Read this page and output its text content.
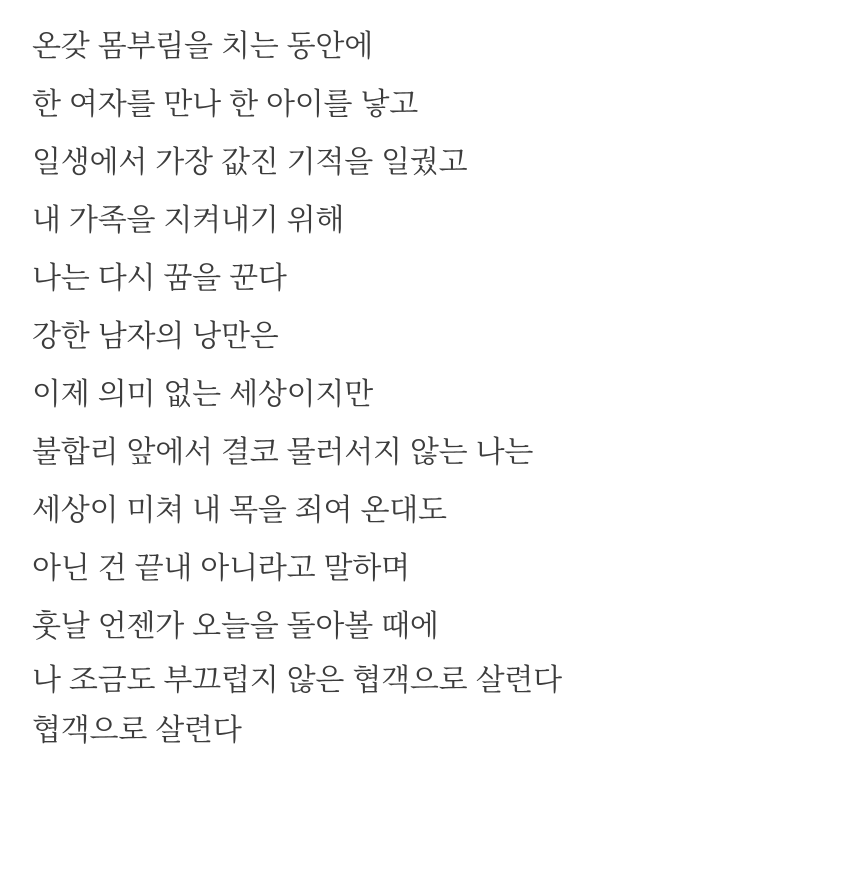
온갖 몸부림을 치는 동안에
한 여자를 만나 한 아이를 낳고
일생에서 가장 값진 기적을 일궜고
내 가족을 지켜내기 위해
나는 다시 꿈을 꾼다
강한 남자의 낭만은
이제 의미 없는 세상이지만
불합리 앞에서 결코 물러서지 않는 나는
세상이 미쳐 내 목을 죄여 온대도
아닌 건 끝내 아니라고 말하며
훗날 언젠가 오늘을 돌아볼 때에
나 조금도 부끄럽지 않은 협객으로 살련다
협객으로 살련다
